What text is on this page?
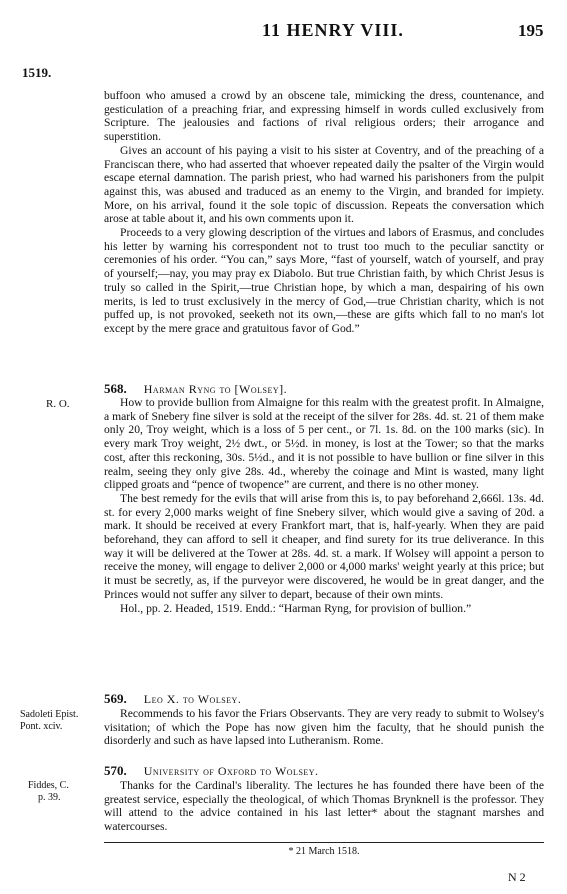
11 HENRY VIII.	195
1519.

buffoon who amused a crowd by an obscene tale, mimicking the dress, countenance, and gesticulation of a preaching friar, and expressing himself in words culled exclusively from Scripture. The jealousies and factions of rival religious orders; their arrogance and superstition.

Gives an account of his paying a visit to his sister at Coventry, and of the preaching of a Franciscan there, who had asserted that whoever repeated daily the psalter of the Virgin would escape eternal damnation. The parish priest, who had warned his parishoners from the pulpit against this, was abused and traduced as an enemy to the Virgin, and branded for impiety. More, on his arrival, found it the sole topic of discussion. Repeats the conversation which arose at table about it, and his own comments upon it.

Proceeds to a very glowing description of the virtues and labors of Erasmus, and concludes his letter by warning his correspondent not to trust too much to the peculiar sanctity or ceremonies of his order. “You can,” says More, “fast of yourself, watch of yourself, and pray of yourself;—nay, you may pray ex Diabolo. But true Christian faith, by which Christ Jesus is truly so called in the Spirit,—true Christian hope, by which a man, despairing of his own merits, is led to trust exclusively in the mercy of God,—true Christian charity, which is not puffed up, is not provoked, seeketh not its own,—these are gifts which fall to no man's lot except by the mere grace and gratuitous favor of God.”

568. Harman Ryng to [Wolsey].
R. O.	How to provide bullion from Almaigne for this realm with the greatest profit. In Almaigne, a mark of Snebery fine silver is sold at the receipt of the silver for 28s. 4d. st. 21 of them make only 20, Troy weight, which is a loss of 5 per cent., or 7l. 1s. 8d. on the 100 marks (sic). In every mark Troy weight, 2½ dwt., or 5½d. in money, is lost at the Tower; so that the marks cost, after this reckoning, 30s. 5½d., and it is not possible to have bullion or fine silver in this realm, seeing they only give 28s. 4d., whereby the coinage and Mint is wasted, many light clipped groats and “pence of twopence” are current, and there is no other money.

The best remedy for the evils that will arise from this is, to pay beforehand 2,666l. 13s. 4d. st. for every 2,000 marks weight of fine Snebery silver, which would give a saving of 20d. a mark. It should be received at every Frankfort mart, that is, half-yearly. When they are paid beforehand, they can afford to sell it cheaper, and find surety for its true deliverance. In this way it will be delivered at the Tower at 28s. 4d. st. a mark. If Wolsey will appoint a person to receive the money, will engage to deliver 2,000 or 4,000 marks' weight yearly at this price; but it must be secretly, as, if the purveyor were discovered, he would be in great danger, and the Princes would not suffer any silver to depart, because of their own mints.

Hol., pp. 2. Headed, 1519. Endd.: “Harman Ryng, for provision of bullion.”

569. Leo X. to Wolsey.
Sadoleti Epist.
Pont. xciv.

Recommends to his favor the Friars Observants. They are very ready to submit to Wolsey's visitation; of which the Pope has now given him the faculty, that he should punish the disorderly and such as have lapsed into Lutheranism. Rome.

570. University of Oxford to Wolsey.
Fiddes, C.
p. 39.

Thanks for the Cardinal's liberality. The lectures he has founded there have been of the greatest service, especially the theological, of which Thomas Brynknell is the professor. They will attend to the advice contained in his last letter* about the stagnant marshes and watercourses.

* 21 March 1518.
N 2
